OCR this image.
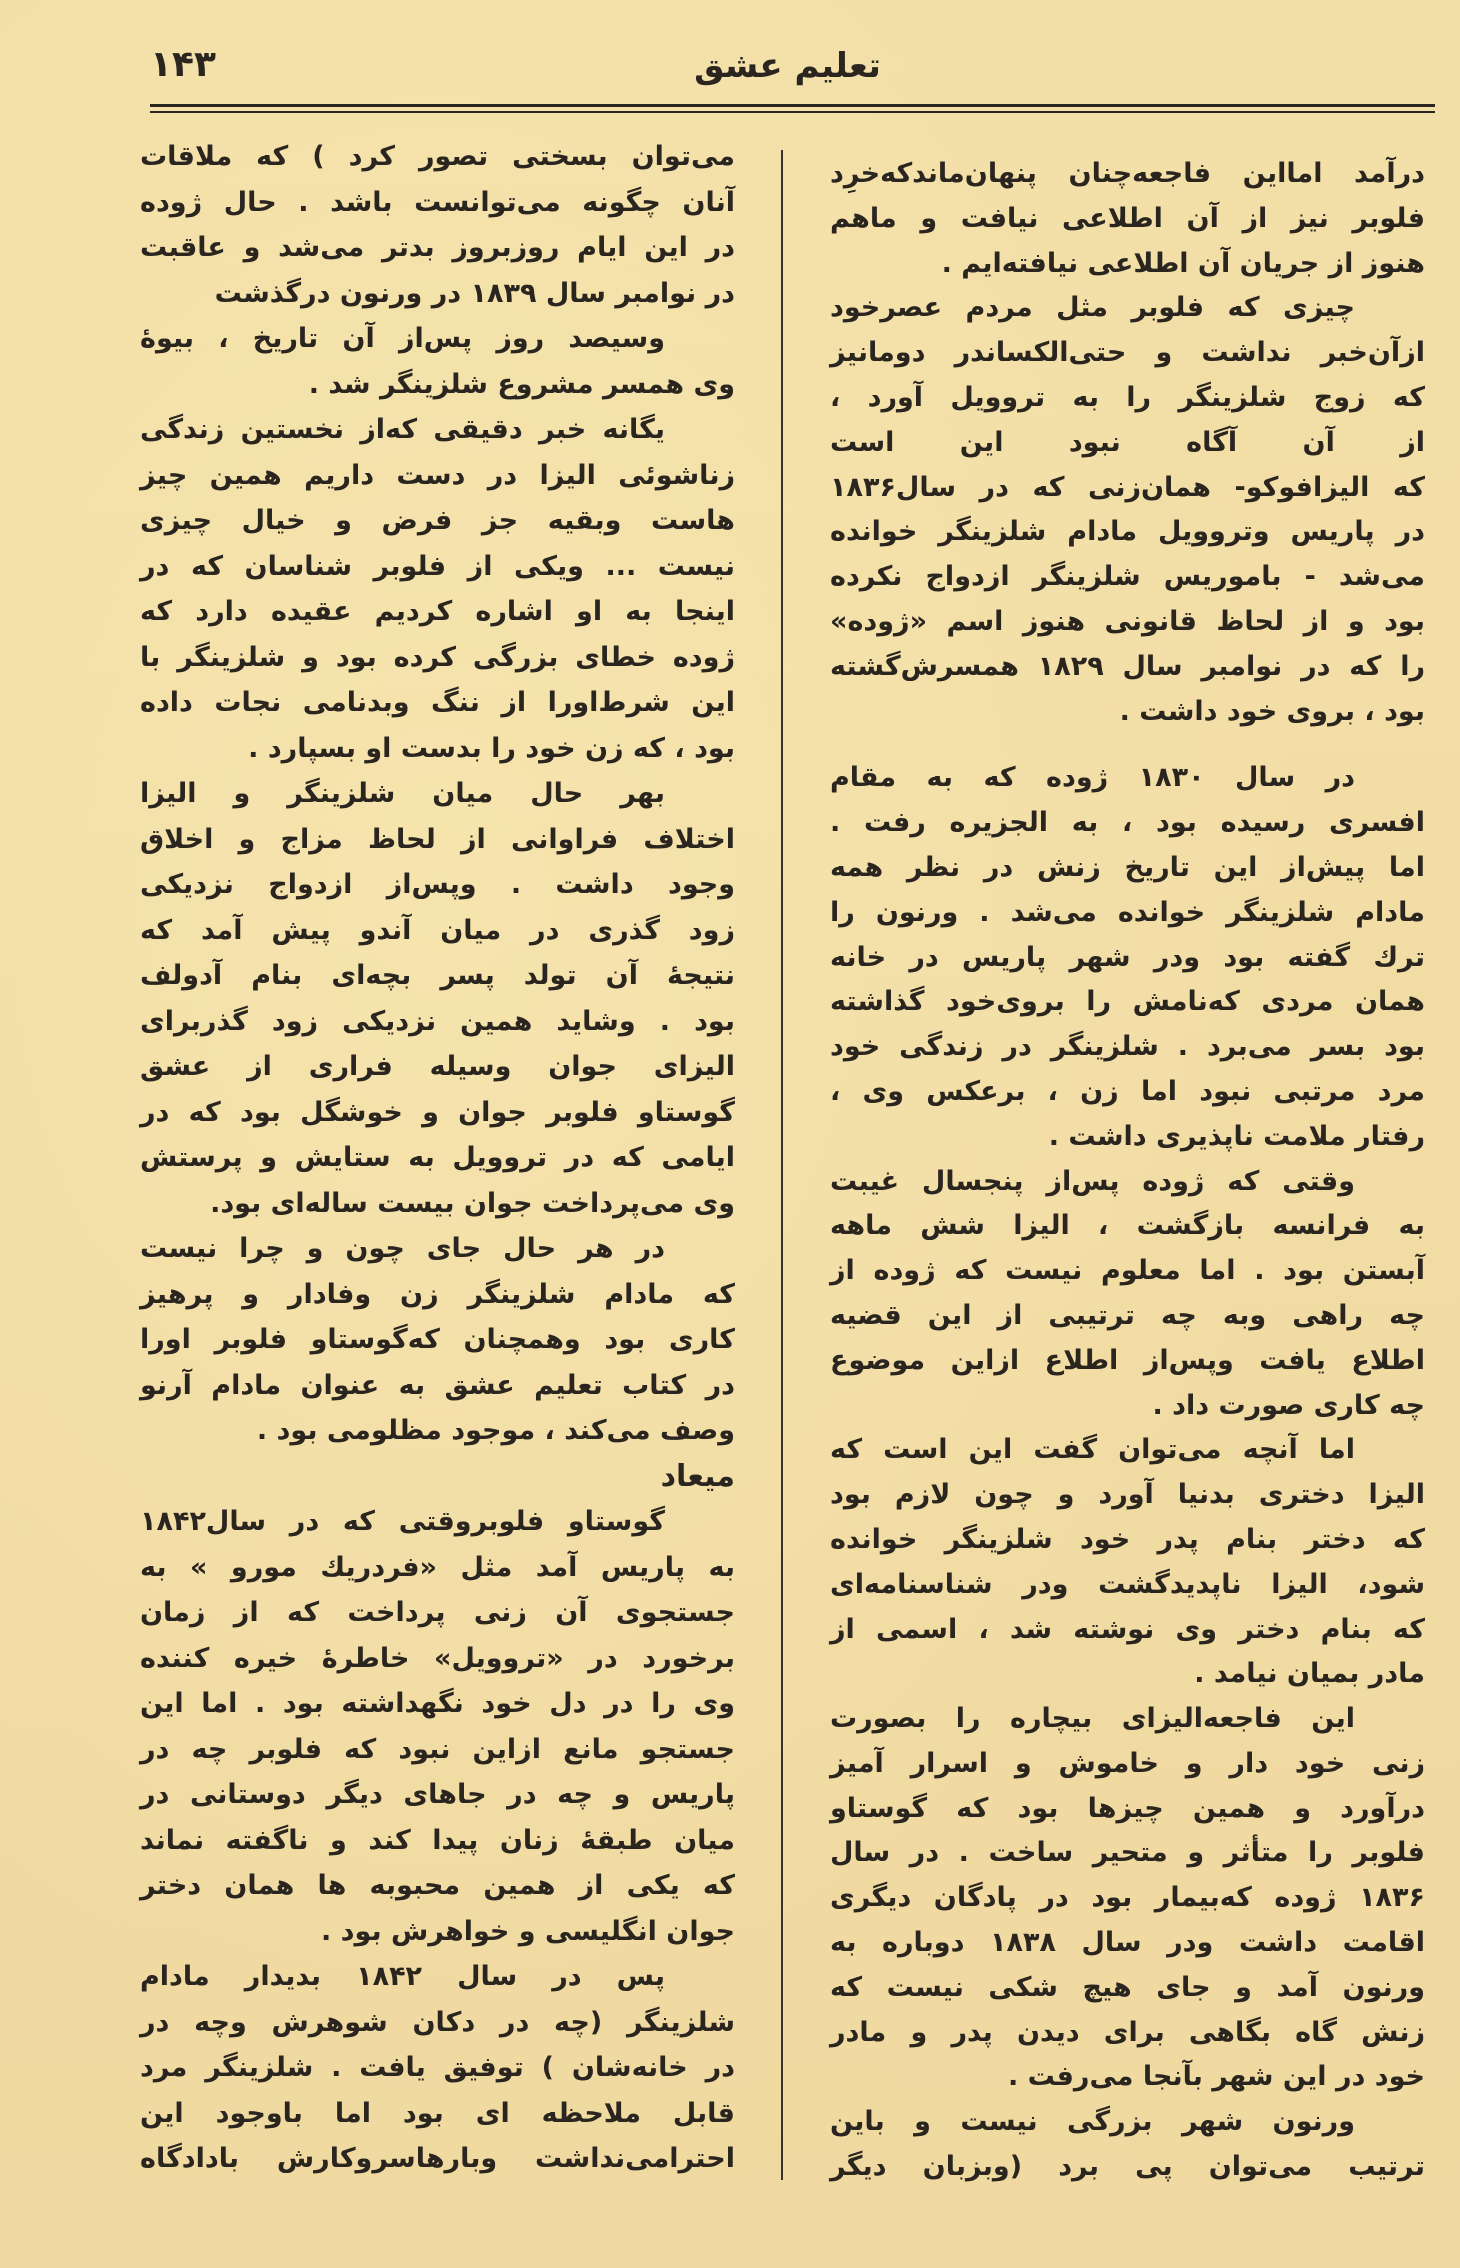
تعلیم عشق
۱۴۳
درآمد امااین فاجعه‌چنان پنهان‌ماندکه‌خرِد
فلوبر نیز از آن اطلاعی نیافت و ماهم
هنوز از جریان آن اطلاعی نیافته‌ایم .
چیزی که فلوبر مثل مردم عصرخود
ازآن‌خبر نداشت و حتی‌الکساندر دومانیز
که زوج شلزینگر را به تروویل آورد ،
از آن آگاه نبود این است
که الیزافوکو- همان‌زنی که در سال۱۸۳۶
در پاریس وتروویل مادام شلزینگر خوانده
می‌شد - باموریس شلزینگر ازدواج نکرده
بود و از لحاظ قانونی هنوز اسم «ژوده»
را که در نوامبر سال ۱۸۲۹ همسرش‌گشته
بود ، بروی خود داشت .
در سال ۱۸۳۰ ژوده که به مقام
افسری رسیده بود ، به الجزیره رفت .
اما پیش‌از این تاریخ زنش در نظر همه
مادام شلزینگر خوانده می‌شد . ورنون را
ترك گفته بود ودر شهر پاریس در خانه
همان مردی که‌نامش را بروی‌خود گذاشته
بود بسر می‌برد . شلزینگر در زندگی خود
مرد مرتبی نبود اما زن ، برعکس وی ،
رفتار ملامت ناپذیری داشت .
وقتی که ژوده پس‌از پنجسال غیبت
به فرانسه بازگشت ، الیزا شش ماهه
آبستن بود . اما معلوم نیست که ژوده از
چه راهی وبه چه ترتیبی از این قضیه
اطلاع یافت وپس‌از اطلاع ازاین موضوع
چه کاری صورت داد .
اما آنچه می‌توان گفت این است که
الیزا دختری بدنیا آورد و چون لازم بود
که دختر بنام پدر خود شلزینگر خوانده
شود، الیزا ناپدیدگشت ودر شناسنامه‌ای
که بنام دختر وی نوشته شد ، اسمی از
مادر بمیان نیامد .
این فاجعه‌الیزای بیچاره را بصورت
زنی خود دار و خاموش و اسرار آمیز
درآورد و همین چیزها بود که گوستاو
فلوبر را متأثر و متحیر ساخت . در سال
۱۸۳۶ ژوده که‌بیمار بود در پادگان دیگری
اقامت داشت ودر سال ۱۸۳۸ دوباره به
ورنون آمد و جای هیچ شکی نیست که
زنش گاه بگاهی برای دیدن پدر و مادر
خود در این شهر بآنجا می‌رفت .
ورنون شهر بزرگی نیست و باین
ترتیب می‌توان پی برد (وبزبان دیگر
می‌توان بسختی تصور کرد ) که ملاقات
آنان چگونه می‌توانست باشد . حال ژوده
در این ایام روزبروز بدتر می‌شد و عاقبت
در نوامبر سال ۱۸۳۹ در ورنون درگذشت
وسیصد روز پس‌از آن تاریخ ، بیوهٔ
وی همسر مشروع شلزینگر شد .
یگانه خبر دقیقی که‌از نخستین زندگی
زناشوئی الیزا در دست داریم همین چیز
هاست وبقیه جز فرض و خیال چیزی
نیست ... ویکی از فلوبر شناسان که در
اینجا به او اشاره کردیم عقیده دارد که
ژوده خطای بزرگی کرده بود و شلزینگر با
این شرط‌اورا از ننگ وبدنامی نجات داده
بود ، که زن خود را بدست او بسپارد .
بهر حال میان شلزینگر و الیزا
اختلاف فراوانی از لحاظ مزاج و اخلاق
وجود داشت . وپس‌از ازدواج نزدیکی
زود گذری در میان آندو پیش آمد که
نتیجهٔ آن تولد پسر بچه‌ای بنام آدولف
بود . وشاید همین نزدیکی زود گذربرای
الیزای جوان وسیله فراری از عشق
گوستاو فلوبر جوان و خوشگل بود که در
ایامی که در تروویل به ستایش و پرستش
وی می‌پرداخت جوان بیست ساله‌ای بود.
در هر حال جای چون و چرا نیست
که مادام شلزینگر زن وفادار و پرهیز
کاری بود وهمچنان که‌گوستاو فلوبر اورا
در کتاب تعلیم عشق به عنوان مادام آرنو
وصف می‌کند ، موجود مظلومی بود .
میعاد
گوستاو فلوبروقتی که در سال۱۸۴۲
به پاریس آمد مثل «فردریك مورو » به
جستجوی آن زنی پرداخت که از زمان
برخورد در «تروویل» خاطرهٔ خیره کننده
وی را در دل خود نگهداشته بود . اما این
جستجو مانع ازاین نبود که فلوبر چه در
پاریس و چه در جاهای دیگر دوستانی در
میان طبقهٔ زنان پیدا کند و ناگفته نماند
که یکی از همین محبوبه ها همان دختر
جوان انگلیسی و خواهرش بود .
پس در سال ۱۸۴۲ بدیدار مادام
شلزینگر (چه در دکان شوهرش وچه در
در خانه‌شان ) توفیق یافت . شلزینگر مرد
قابل ملاحظه ای بود اما باوجود این
احترامی‌نداشت وبارهاسروکارش بادادگاه
